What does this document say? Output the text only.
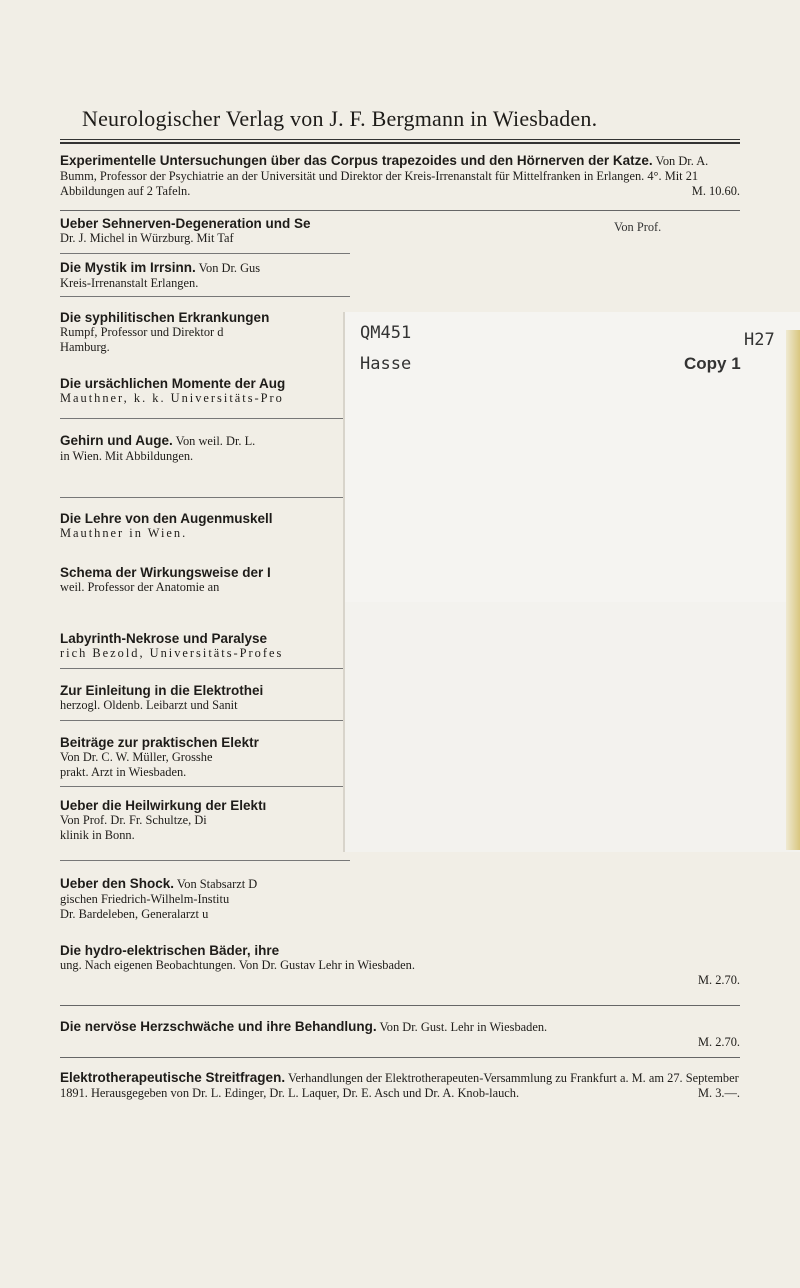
Neurologischer Verlag von J. F. Bergmann in Wiesbaden.
Experimentelle Untersuchungen über das Corpus trapezoides und den Hörnerven der Katze. Von Dr. A. Bumm, Professor der Psychiatrie an der Universität und Direktor der Kreis-Irrenanstalt für Mittelfranken in Erlangen. 4°. Mit 21 Abbildungen auf 2 Tafeln.	M. 10.60.
Ueber Sehnerven-Degeneration und Se
Dr. J. Michel in Würzburg. Mit Taf
Die Mystik im Irrsinn. Von Dr. Gus
Kreis-Irrenanstalt Erlangen.
Die syphilitischen Erkrankungen
Rumpf, Professor und Direktor d
Hamburg.
Die ursächlichen Momente der Aug
Mauthner, k. k. Universitäts-Pro
Gehirn und Auge. Von weil. Dr. L.
in Wien. Mit Abbildungen.
Die Lehre von den Augenmuskell
Mauthner in Wien.
Schema der Wirkungsweise der I
weil. Professor der Anatomie an
Labyrinth-Nekrose und Paralyse
rich Bezold, Universitäts-Profes
Zur Einleitung in die Elektrothei
herzogl. Oldenb. Leibarzt und Sanit
Beiträge zur praktischen Elektr
Von Dr. C. W. Müller, Grosshe
prakt. Arzt in Wiesbaden.
Ueber die Heilwirkung der Elektı
Von Prof. Dr. Fr. Schultze, Di
klinik in Bonn.
Ueber den Shock. Von Stabsarzt D
gischen Friedrich-Wilhelm-Institu
Dr. Bardeleben, Generalarzt u
Die hydro-elektrischen Bäder, ihre
ung. Nach eigenen Beobachtungen. Von Dr. Gustav Lehr in Wiesbaden.
M. 2.70.
Die nervöse Herzschwäche und ihre Behandlung. Von Dr. Gust. Lehr in Wiesbaden.
M. 2.70.
Elektrotherapeutische Streitfragen. Verhandlungen der Elektrotherapeuten-Versammlung zu Frankfurt a. M. am 27. September 1891. Herausgegeben von Dr. L. Edinger, Dr. L. Laquer, Dr. E. Asch und Dr. A. Knob-lauch.	M. 3.—.
QM451
Hasse
H27
Copy 1
Von Prof.
